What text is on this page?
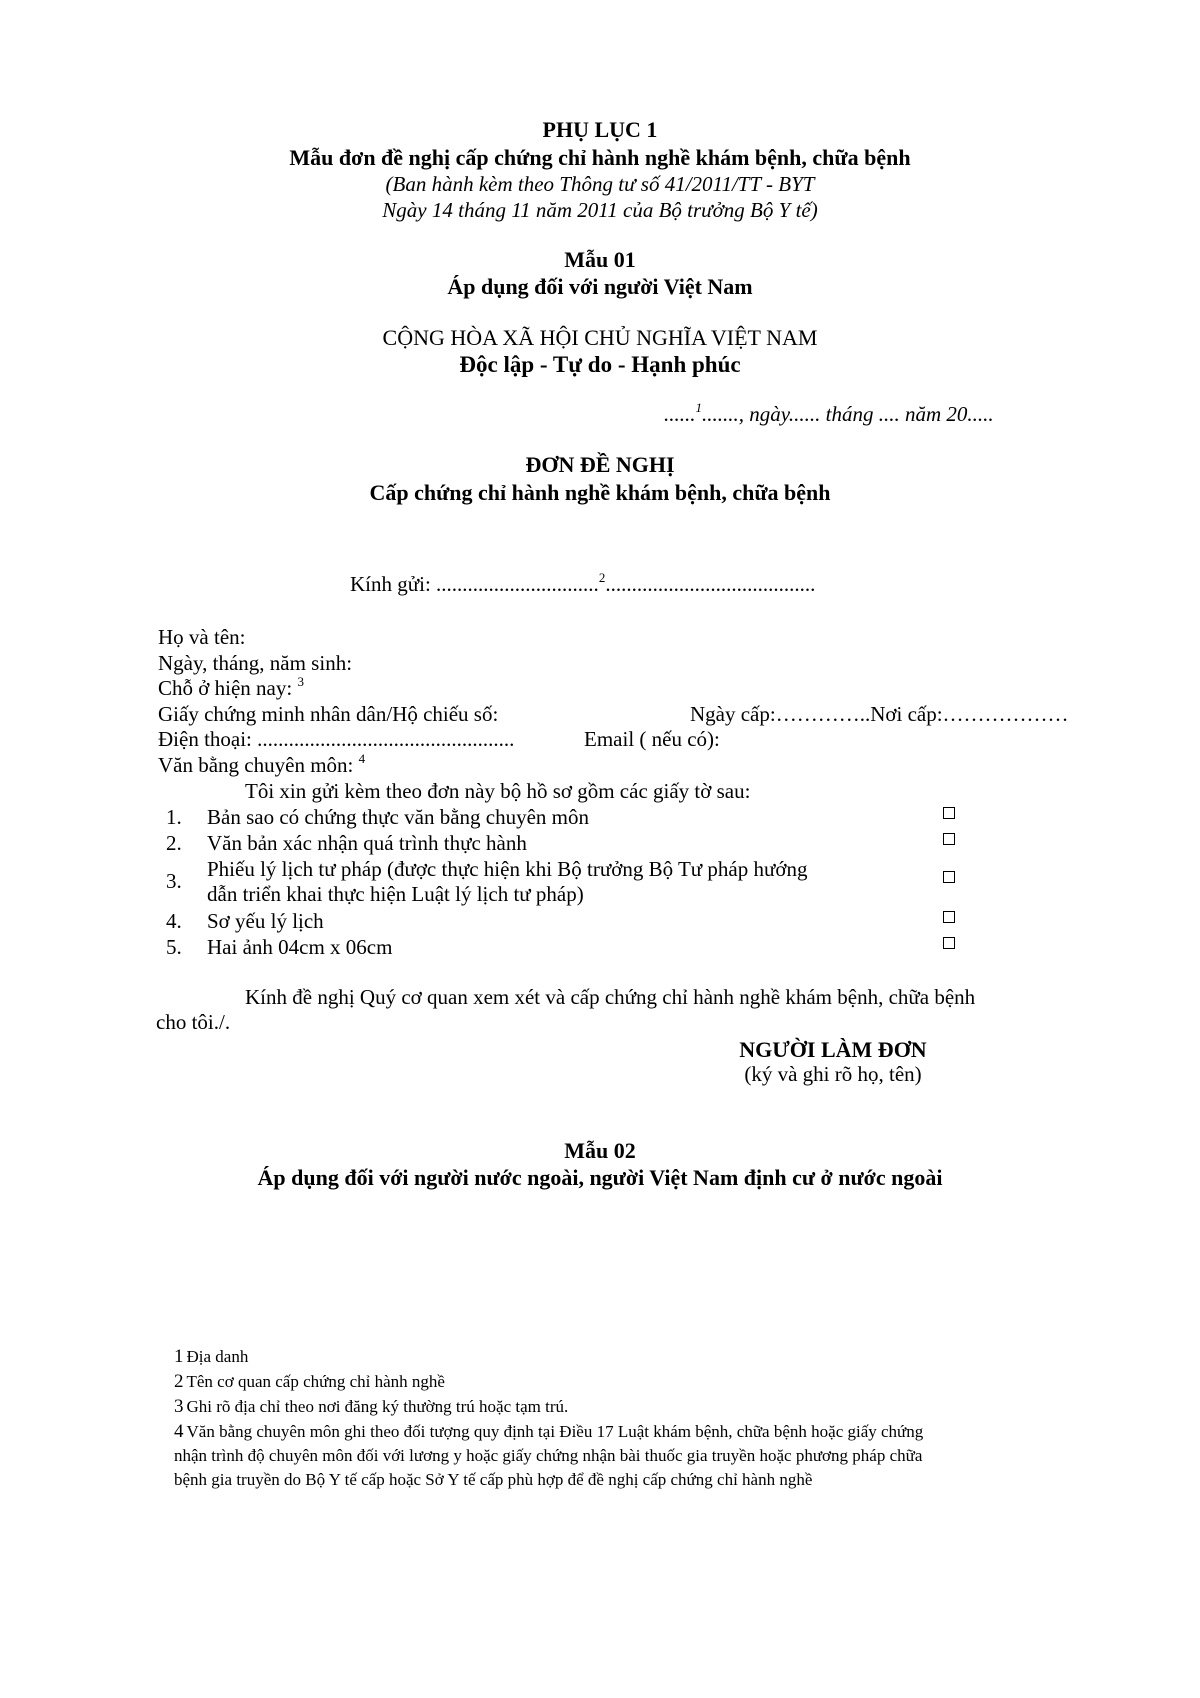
PHỤ LỤC 1
Mẫu đơn đề nghị cấp chứng chỉ hành nghề khám bệnh, chữa bệnh
(Ban hành kèm theo Thông tư số 41/2011/TT - BYT
Ngày 14 tháng 11 năm 2011 của Bộ trưởng Bộ Y tế)
Mẫu 01
Áp dụng đối với người Việt Nam
CỘNG HÒA XÃ HỘI CHỦ NGHĨA VIỆT NAM
Độc lập - Tự do - Hạnh phúc
......$^1$......., ngày...... tháng .... năm 20.....
ĐƠN ĐỀ NGHỊ
Cấp chứng chỉ hành nghề khám bệnh, chữa bệnh
Kính gửi: ...............................$^2$........................................
Họ và tên:
Ngày, tháng, năm sinh:
Chỗ ở hiện nay: $^3$
Giấy chứng minh nhân dân/Hộ chiếu số:	Ngày cấp:…………..Nơi cấp:………………
Điện thoại: .................................................	Email ( nếu có):
Văn bằng chuyên môn: $^4$
Tôi xin gửi kèm theo đơn này bộ hồ sơ gồm các giấy tờ sau:
1. Bản sao có chứng thực văn bằng chuyên môn
2. Văn bản xác nhận quá trình thực hành
3. Phiếu lý lịch tư pháp (được thực hiện khi Bộ trưởng Bộ Tư pháp hướng
dẫn triển khai thực hiện Luật lý lịch tư pháp)
4. Sơ yếu lý lịch
5. Hai ảnh 04cm x 06cm
Kính đề nghị Quý cơ quan xem xét và cấp chứng chỉ hành nghề khám bệnh, chữa bệnh
cho tôi./.
NGƯỜI LÀM ĐƠN
(ký và ghi rõ họ, tên)
Mẫu 02
Áp dụng đối với người nước ngoài, người Việt Nam định cư ở nước ngoài
1 Địa danh
2 Tên cơ quan cấp chứng chỉ hành nghề
3 Ghi rõ địa chỉ theo nơi đăng ký thường trú hoặc tạm trú.
4 Văn bằng chuyên môn ghi theo đối tượng quy định tại Điều 17 Luật khám bệnh, chữa bệnh hoặc giấy chứng
nhận trình độ chuyên môn đối với lương y hoặc giấy chứng nhận bài thuốc gia truyền hoặc phương pháp chữa
bệnh gia truyền do Bộ Y tế cấp hoặc Sở Y tế cấp phù hợp để đề nghị cấp chứng chỉ hành nghề
